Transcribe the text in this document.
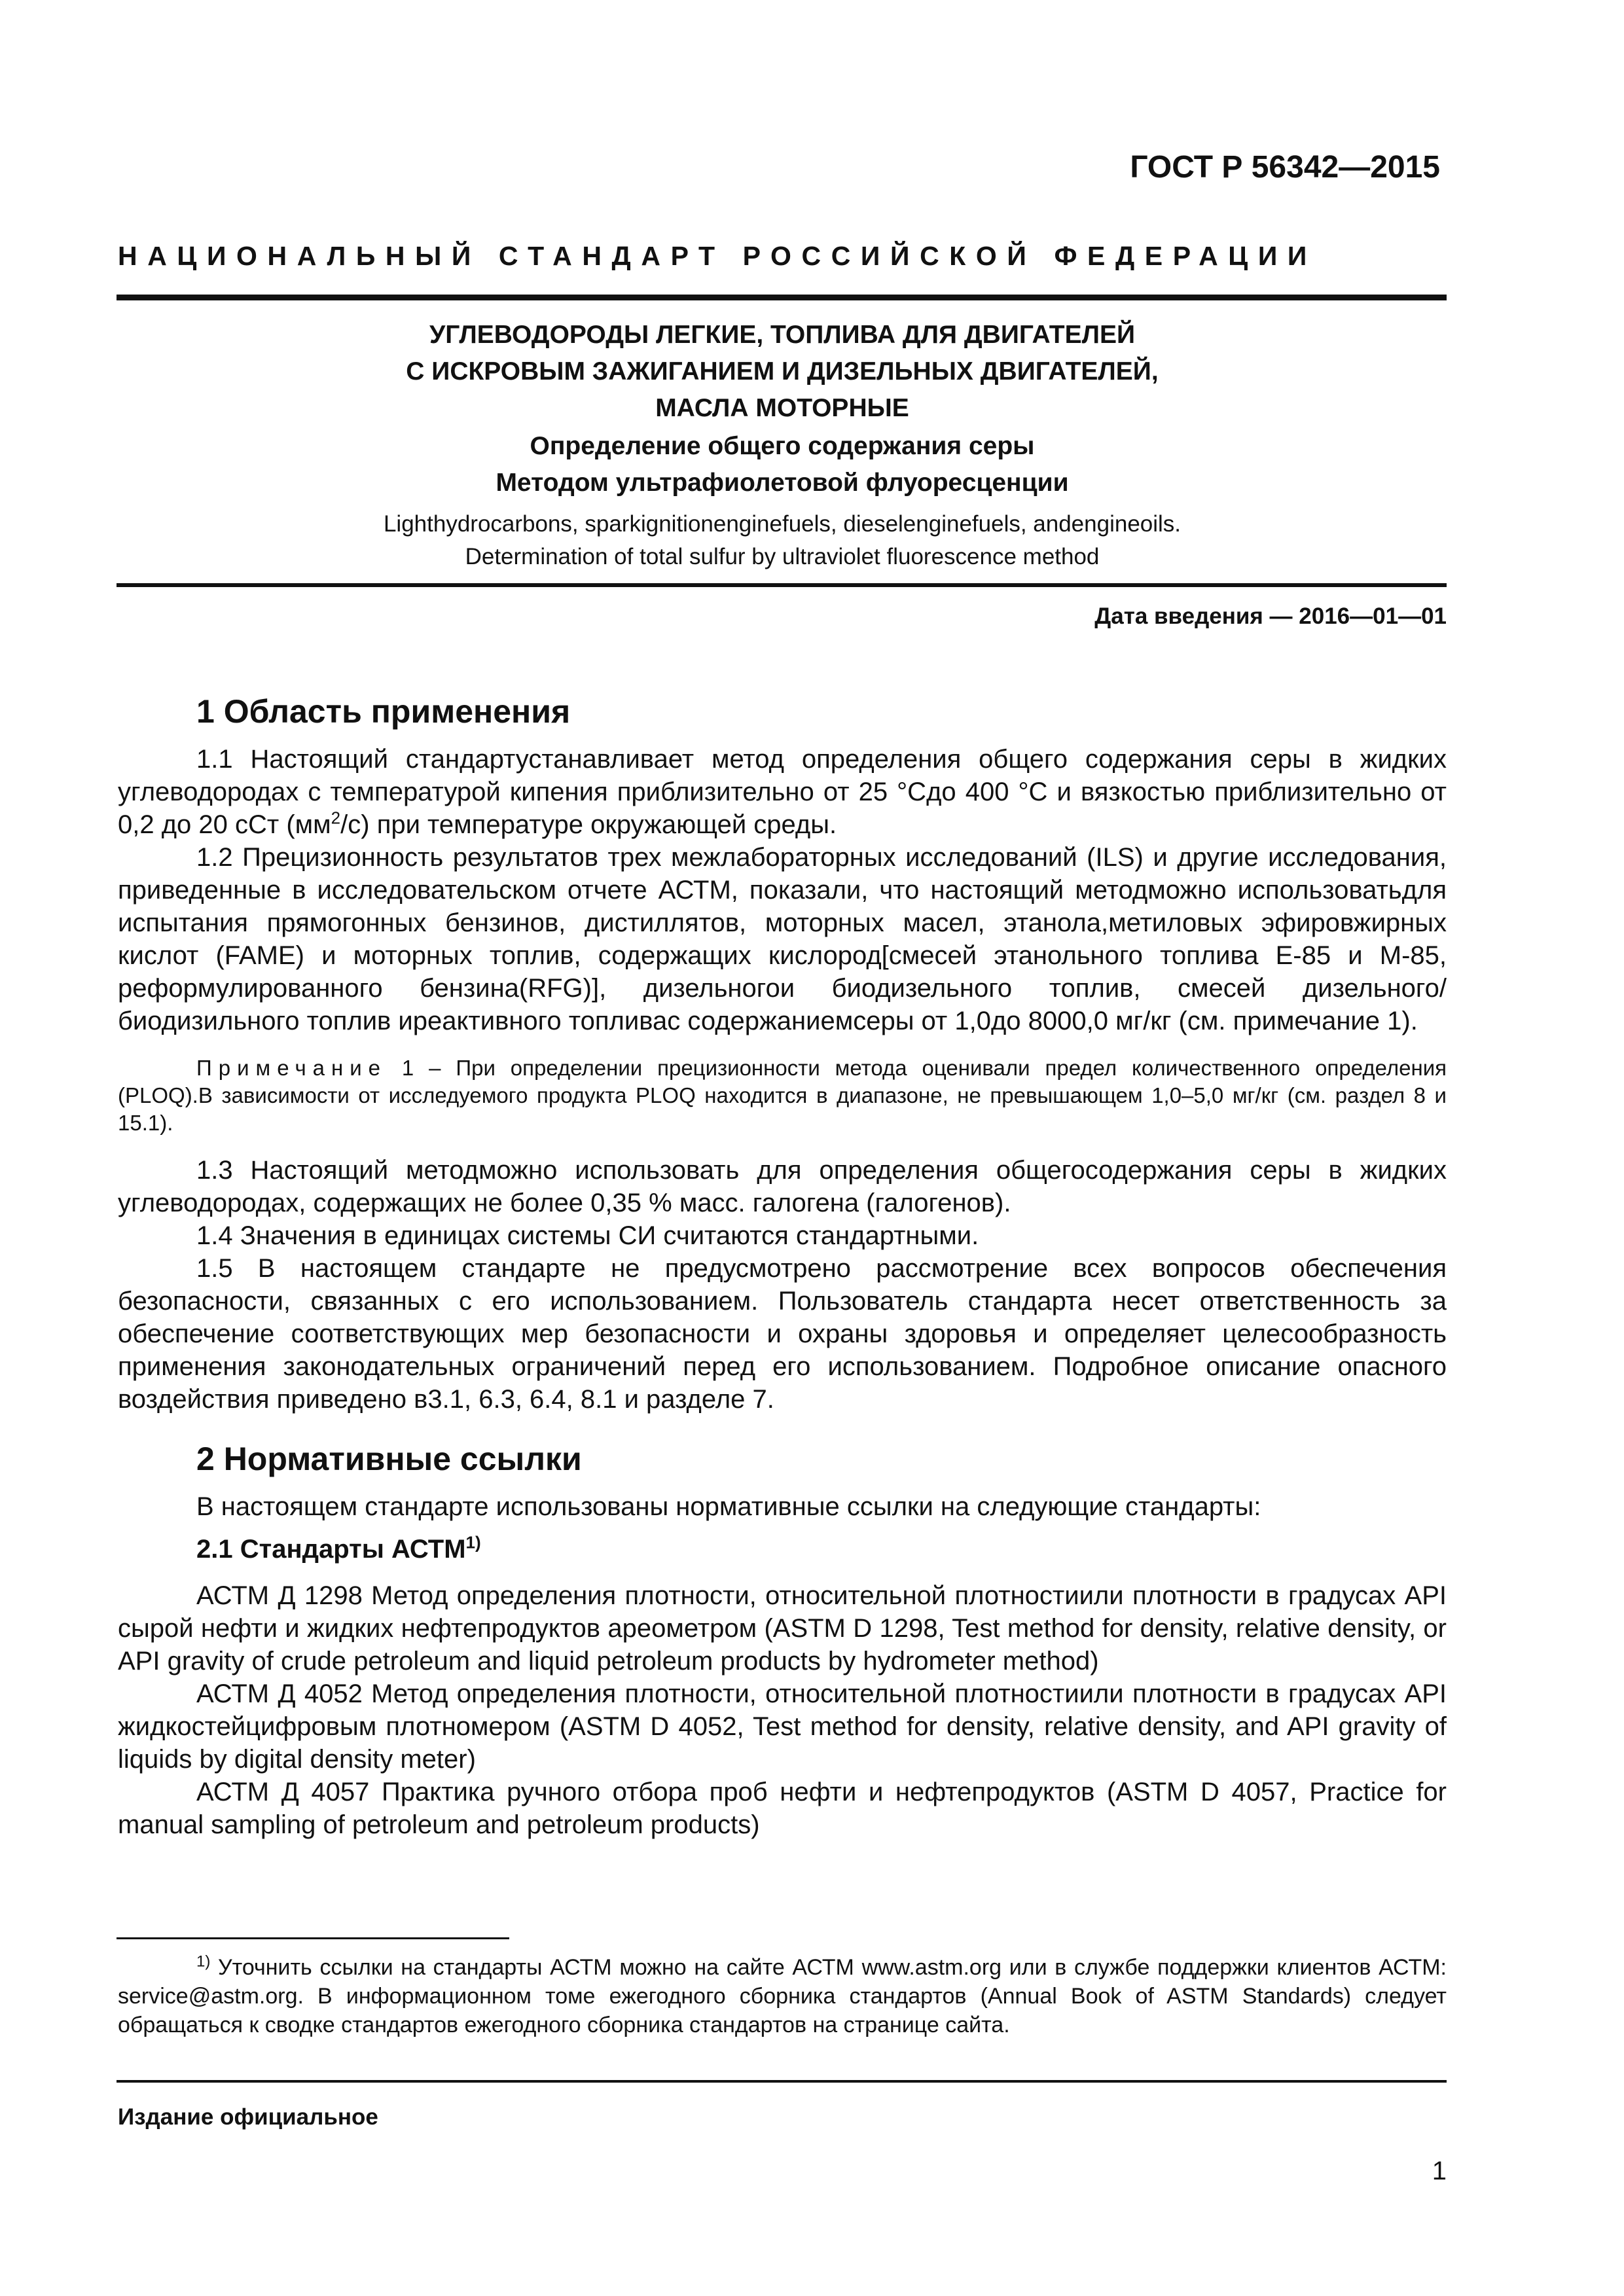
ГОСТ Р 56342—2015
НАЦИОНАЛЬНЫЙ СТАНДАРТ РОССИЙСКОЙ ФЕДЕРАЦИИ
УГЛЕВОДОРОДЫ ЛЕГКИЕ, ТОПЛИВА ДЛЯ ДВИГАТЕЛЕЙ
С ИСКРОВЫМ ЗАЖИГАНИЕМ И ДИЗЕЛЬНЫХ ДВИГАТЕЛЕЙ,
МАСЛА МОТОРНЫЕ
Определение общего содержания серы
Методом ультрафиолетовой флуоресценции
Lighthydrocarbons, sparkignitionenginefuels, dieselenginefuels, andengineoils.
Determination of total sulfur by ultraviolet fluorescence method
Дата введения — 2016—01—01
1 Область применения

1.1 Настоящий стандартустанавливает метод определения общего содержания серы в жидких углеводородах с температурой кипения приблизительно от 25 °Сдо 400 °С и вязкостью приблизительно от 0,2 до 20 сСт $(мм^2/с)$ при температуре окружающей среды.

1.2 Прецизионность результатов трех межлабораторных исследований (ILS) и другие исследования, приведенные в исследовательском отчете АСТМ, показали, что настоящий методможно использоватьдля испытания прямогонных бензинов, дистиллятов, моторных масел, этанола,метиловых эфировжирных кислот (FAME) и моторных топлив, содержащих кислород[смесей этанольного топлива Е-85 и М-85, реформулированного бензина(RFG)], дизельногои биодизельного топлив, смесей дизельного/биодизильного топлив иреактивного топливас содержаниемсеры от 1,0до 8000,0 мг/кг (см. примечание 1).

Примечание 1 – При определении прецизионности метода оценивали предел количественного определения (PLOQ).В зависимости от исследуемого продукта PLOQ находится в диапазоне, не превышающем 1,0–5,0 мг/кг (см. раздел 8 и 15.1).

1.3 Настоящий методможно использовать для определения общегосодержания серы в жидких углеводородах, содержащих не более 0,35 % масс. галогена (галогенов).

1.4 Значения в единицах системы СИ считаются стандартными.

1.5 В настоящем стандарте не предусмотрено рассмотрение всех вопросов обеспечения безопасности, связанных с его использованием. Пользователь стандарта несет ответственность за обеспечение соответствующих мер безопасности и охраны здоровья и определяет целесообразность применения законодательных ограничений перед его использованием. Подробное описание опасного воздействия приведено в3.1, 6.3, 6.4, 8.1 и разделе 7.

2 Нормативные ссылки

В настоящем стандарте использованы нормативные ссылки на следующие стандарты:

2.1 Стандарты АСТМ$^{1)}$

АСТМ Д 1298 Метод определения плотности, относительной плотностиили плотности в градусах API сырой нефти и жидких нефтепродуктов ареометром (ASTM D 1298, Test method for density, relative density, or API gravity of crude petroleum and liquid petroleum products by hydrometer method)

АСТМ Д 4052 Метод определения плотности, относительной плотностиили плотности в градусах API жидкостейцифровым плотномером (ASTM D 4052, Test method for density, relative density, and API gravity of liquids by digital density meter)

АСТМ Д 4057 Практика ручного отбора проб нефти и нефтепродуктов (ASTM D 4057, Practice for manual sampling of petroleum and petroleum products)

$^{1)}$ Уточнить ссылки на стандарты АСТМ можно на сайте АСТМ www.astm.org или в службе поддержки клиентов АСТМ: service@astm.org. В информационном томе ежегодного сборника стандартов (Annual Book of ASTM Standards) следует обращаться к сводке стандартов ежегодного сборника стандартов на странице сайта.
Издание официальное
1
